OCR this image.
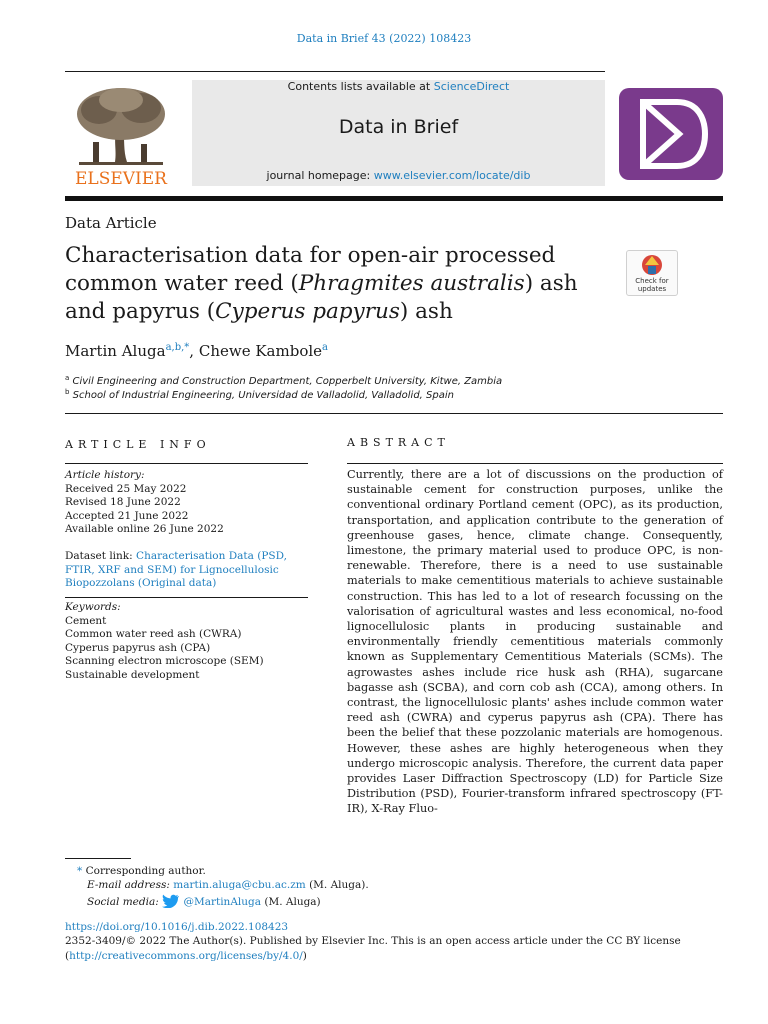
Data in Brief 43 (2022) 108423
ELSEVIER
Contents lists available at ScienceDirect
Data in Brief
journal homepage: www.elsevier.com/locate/dib
Data Article
Characterisation data for open-air processed
common water reed (Phragmites australis) ash
and papyrus (Cyperus papyrus) ash
Check for
updates
Martin Aluga$^{a,b,*}$, Chewe Kambole$^a$
$^a$ Civil Engineering and Construction Department, Copperbelt University, Kitwe, Zambia
$^b$ School of Industrial Engineering, Universidad de Valladolid, Valladolid, Spain
ARTICLE INFO
Article history:
Received 25 May 2022
Revised 18 June 2022
Accepted 21 June 2022
Available online 26 June 2022
Dataset link: Characterisation Data (PSD, FTIR, XRF and SEM) for Lignocellulosic Biopozzolans (Original data)
Keywords:
Cement
Common water reed ash (CWRA)
Cyperus papyrus ash (CPA)
Scanning electron microscope (SEM)
Sustainable development
ABSTRACT
Currently, there are a lot of discussions on the production of sustainable cement for construction purposes, unlike the conventional ordinary Portland cement (OPC), as its production, transportation, and application contribute to the generation of greenhouse gases, hence, climate change. Consequently, limestone, the primary material used to produce OPC, is non-renewable. Therefore, there is a need to use sustainable materials to make cementitious materials to achieve sustainable construction. This has led to a lot of research focussing on the valorisation of agricultural wastes and less economical, no-food lignocellulosic plants in producing sustainable and environmentally friendly cementitious materials commonly known as Supplementary Cementitious Materials (SCMs). The agrowastes ashes include rice husk ash (RHA), sugarcane bagasse ash (SCBA), and corn cob ash (CCA), among others. In contrast, the lignocellulosic plants' ashes include common water reed ash (CWRA) and cyperus papyrus ash (CPA). There has been the belief that these pozzolanic materials are homogenous. However, these ashes are highly heterogeneous when they undergo microscopic analysis. Therefore, the current data paper provides Laser Diffraction Spectroscopy (LD) for Particle Size Distribution (PSD), Fourier-transform infrared spectroscopy (FT-IR), X-Ray Fluo-
* Corresponding author.
E-mail address: martin.aluga@cbu.ac.zm (M. Aluga).
Social media:  @MartinAluga (M. Aluga)
https://doi.org/10.1016/j.dib.2022.108423
2352-3409/© 2022 The Author(s). Published by Elsevier Inc. This is an open access article under the CC BY license
(http://creativecommons.org/licenses/by/4.0/)
